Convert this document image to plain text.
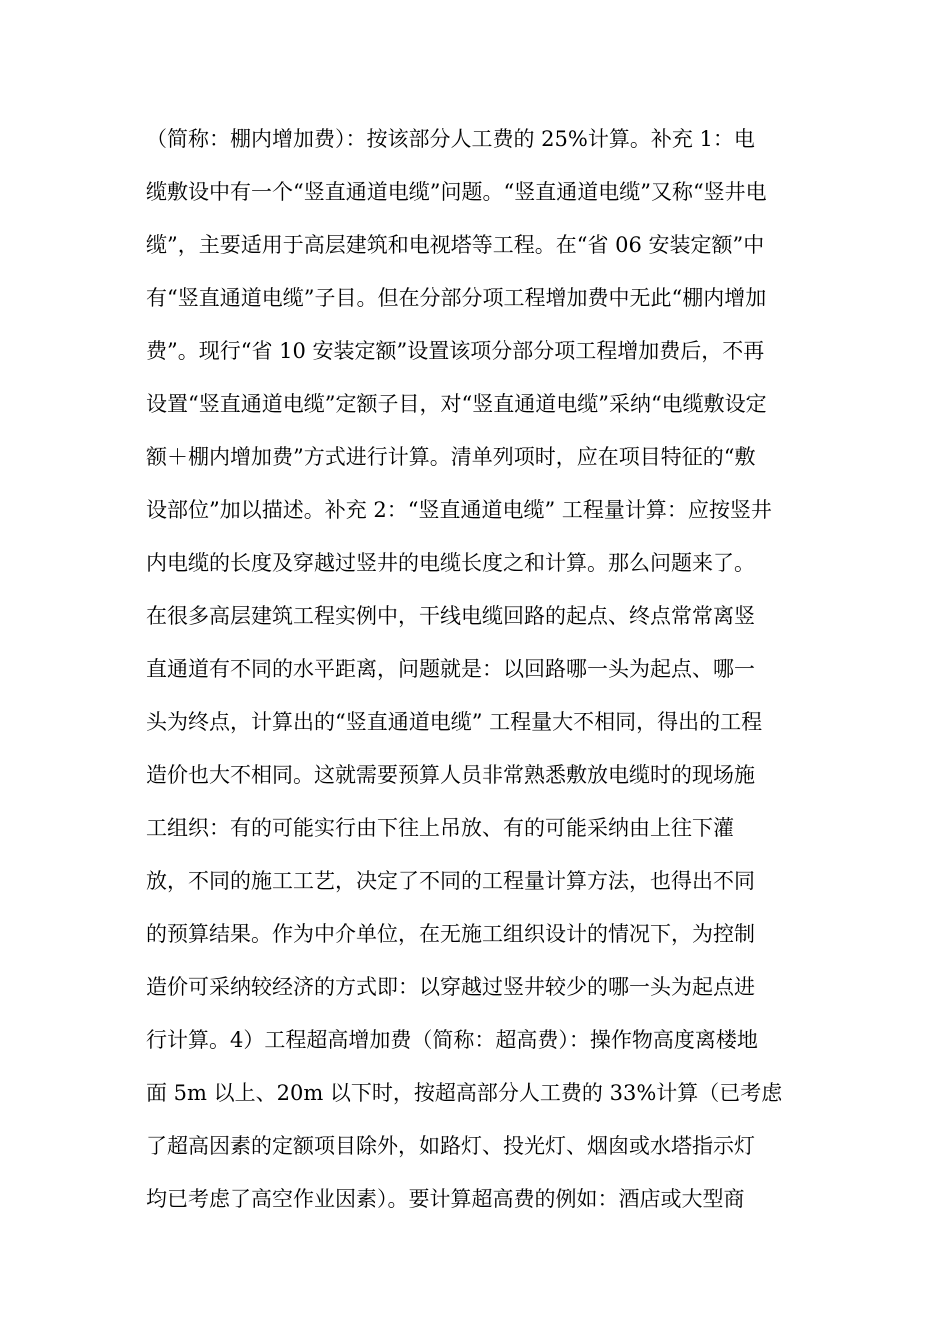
（简称：棚内增加费）：按该部分人工费的 25%计算。补充 1：电
缆敷设中有一个“竖直通道电缆”问题。“竖直通道电缆”又称“竖井电
缆”，主要适用于高层建筑和电视塔等工程。在“省 06 安装定额”中
有“竖直通道电缆”子目。但在分部分项工程增加费中无此“棚内增加
费”。现行“省 10 安装定额”设置该项分部分项工程增加费后，不再
设置“竖直通道电缆”定额子目，对“竖直通道电缆”采纳“电缆敷设定
额＋棚内增加费”方式进行计算。清单列项时，应在项目特征的“敷
设部位”加以描述。补充 2：“竖直通道电缆” 工程量计算：应按竖井
内电缆的长度及穿越过竖井的电缆长度之和计算。那么问题来了。
在很多高层建筑工程实例中，干线电缆回路的起点、终点常常离竖
直通道有不同的水平距离，问题就是：以回路哪一头为起点、哪一
头为终点，计算出的“竖直通道电缆” 工程量大不相同，得出的工程
造价也大不相同。这就需要预算人员非常熟悉敷放电缆时的现场施
工组织：有的可能实行由下往上吊放、有的可能采纳由上往下灌
放，不同的施工工艺，决定了不同的工程量计算方法，也得出不同
的预算结果。作为中介单位，在无施工组织设计的情况下，为控制
造价可采纳较经济的方式即：以穿越过竖井较少的哪一头为起点进
行计算。4）工程超高增加费（简称：超高费）：操作物高度离楼地
面 5m 以上、20m 以下时，按超高部分人工费的 33%计算（已考虑
了超高因素的定额项目除外，如路灯、投光灯、烟囱或水塔指示灯
均已考虑了高空作业因素）。要计算超高费的例如：酒店或大型商
